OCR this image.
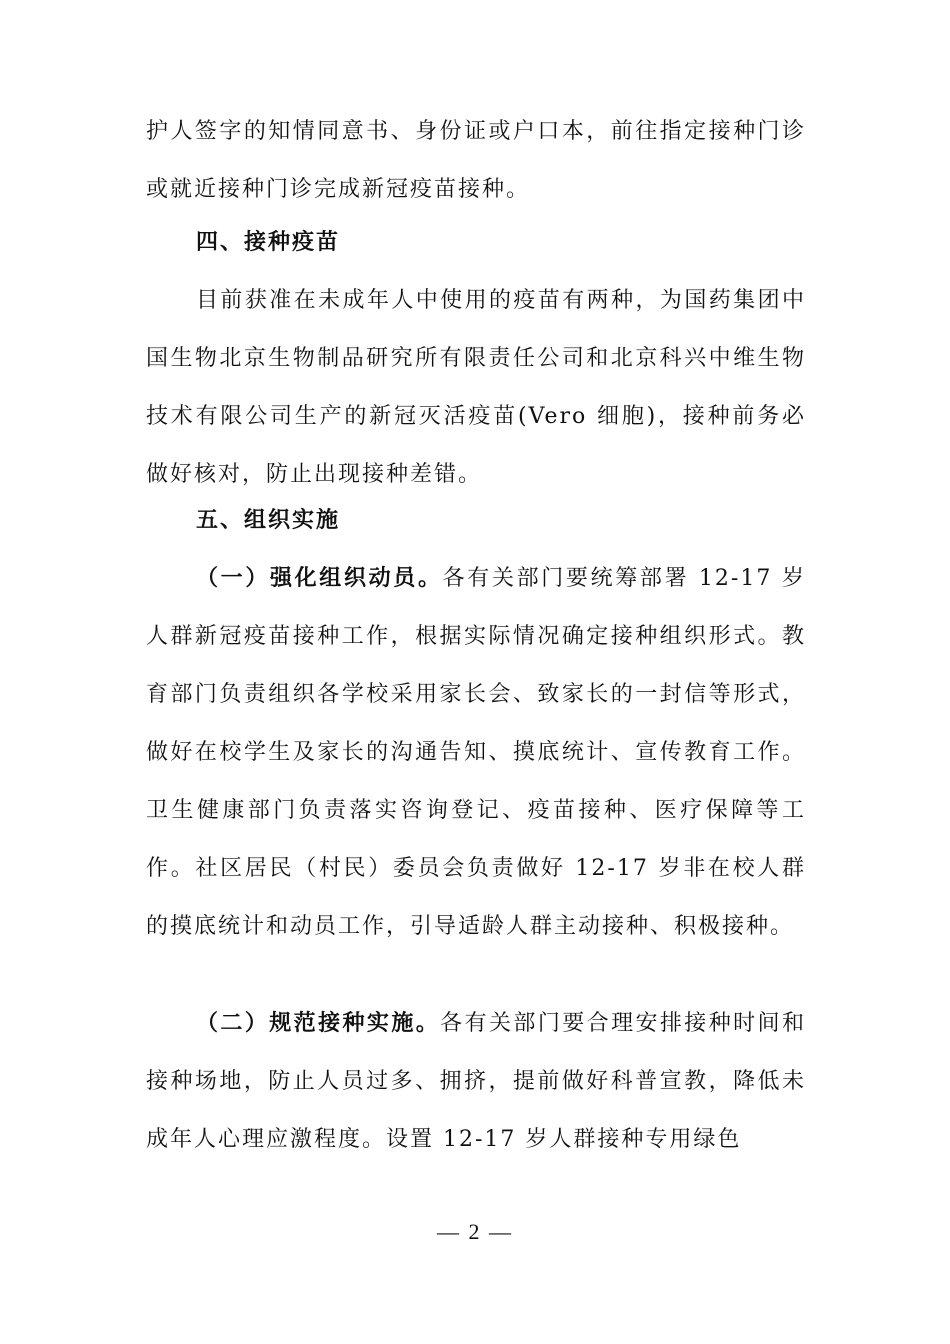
护人签字的知情同意书、身份证或户口本，前往指定接种门诊或就近接种门诊完成新冠疫苗接种。

四、接种疫苗

目前获准在未成年人中使用的疫苗有两种，为国药集团中国生物北京生物制品研究所有限责任公司和北京科兴中维生物技术有限公司生产的新冠灭活疫苗(Vero 细胞)，接种前务必做好核对，防止出现接种差错。

五、组织实施

（一）强化组织动员。各有关部门要统筹部署 12-17 岁人群新冠疫苗接种工作，根据实际情况确定接种组织形式。教育部门负责组织各学校采用家长会、致家长的一封信等形式，做好在校学生及家长的沟通告知、摸底统计、宣传教育工作。卫生健康部门负责落实咨询登记、疫苗接种、医疗保障等工作。社区居民（村民）委员会负责做好 12-17 岁非在校人群的摸底统计和动员工作，引导适龄人群主动接种、积极接种。

（二）规范接种实施。各有关部门要合理安排接种时间和接种场地，防止人员过多、拥挤，提前做好科普宣教，降低未成年人心理应激程度。设置 12-17 岁人群接种专用绿色

— 2 —
